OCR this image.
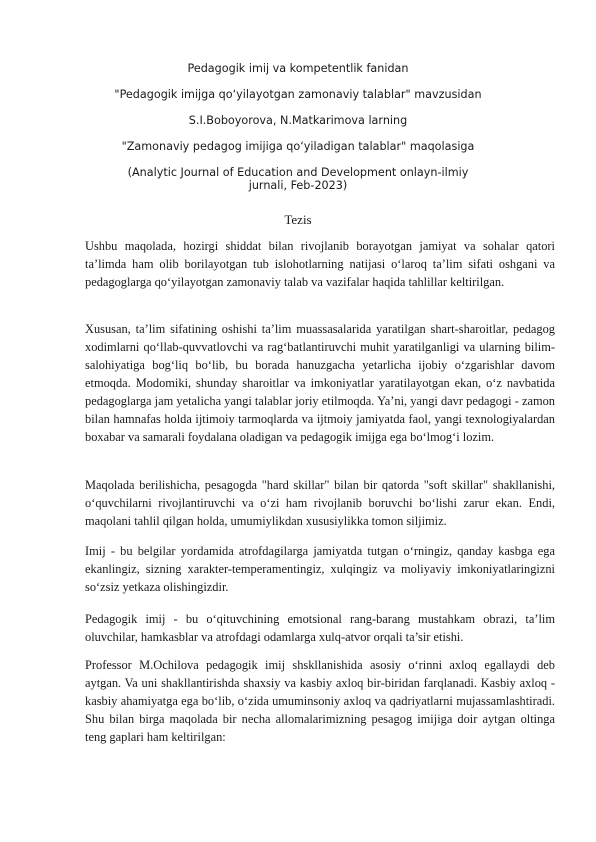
Pedagogik imij va kompetentlik fanidan
"Pedagogik imijga qo‘yilayotgan zamonaviy talablar" mavzusidan
S.I.Boboyorova, N.Matkarimova larning
"Zamonaviy pedagog imijiga qo‘yiladigan talablar" maqolasiga
(Analytic Journal of Education and Development onlayn-ilmiy jurnali, Feb-2023)
Tezis

Ushbu maqolada, hozirgi shiddat bilan rivojlanib borayotgan jamiyat va sohalar qatori ta’limda ham olib borilayotgan tub islohotlarning natijasi o‘laroq ta’lim sifati oshgani va pedagoglarga qo‘yilayotgan zamonaviy talab va vazifalar haqida tahlillar keltirilgan.

Xususan, ta’lim sifatining oshishi ta’lim muassasalarida yaratilgan shart-sharoitlar, pedagog xodimlarni qo‘llab-quvvatlovchi va rag‘batlantiruvchi muhit yaratilganligi va ularning bilim-salohiyatiga bog‘liq bo‘lib, bu borada hanuzgacha yetarlicha ijobiy o‘zgarishlar davom etmoqda. Modomiki, shunday sharoitlar va imkoniyatlar yaratilayotgan ekan, o‘z navbatida pedagoglarga jam yetalicha yangi talablar joriy etilmoqda. Ya’ni, yangi davr pedagogi - zamon bilan hamnafas holda ijtimoiy tarmoqlarda va ijtmoiy jamiyatda faol, yangi texnologiyalardan boxabar va samarali foydalana oladigan va pedagogik imijga ega bo‘lmog‘i lozim.

Maqolada berilishicha, pesagogda "hard skillar" bilan bir qatorda "soft skillar" shakllanishi, o‘quvchilarni rivojlantiruvchi va o‘zi ham rivojlanib boruvchi bo‘lishi zarur ekan. Endi, maqolani tahlil qilgan holda, umumiylikdan xususiylikka tomon siljimiz.

Imij - bu belgilar yordamida atrofdagilarga jamiyatda tutgan o‘rningiz, qanday kasbga ega ekanlingiz, sizning xarakter-temperamentingiz, xulqingiz va moliyaviy imkoniyatlaringizni so‘zsiz yetkaza olishingizdir.

Pedagogik imij - bu o‘qituvchining emotsional rang-barang mustahkam obrazi, ta’lim oluvchilar, hamkasblar va atrofdagi odamlarga xulq-atvor orqali ta’sir etishi.

Professor M.Ochilova pedagogik imij shskllanishida asosiy o‘rinni axloq egallaydi deb aytgan. Va uni shakllantirishda shaxsiy va kasbiy axloq bir-biridan farqlanadi. Kasbiy axloq - kasbiy ahamiyatga ega bo‘lib, o‘zida umuminsoniy axloq va qadriyatlarni mujassamlashtiradi. Shu bilan birga maqolada bir necha allomalarimizning pesagog imijiga doir aytgan oltinga teng gaplari ham keltirilgan:
